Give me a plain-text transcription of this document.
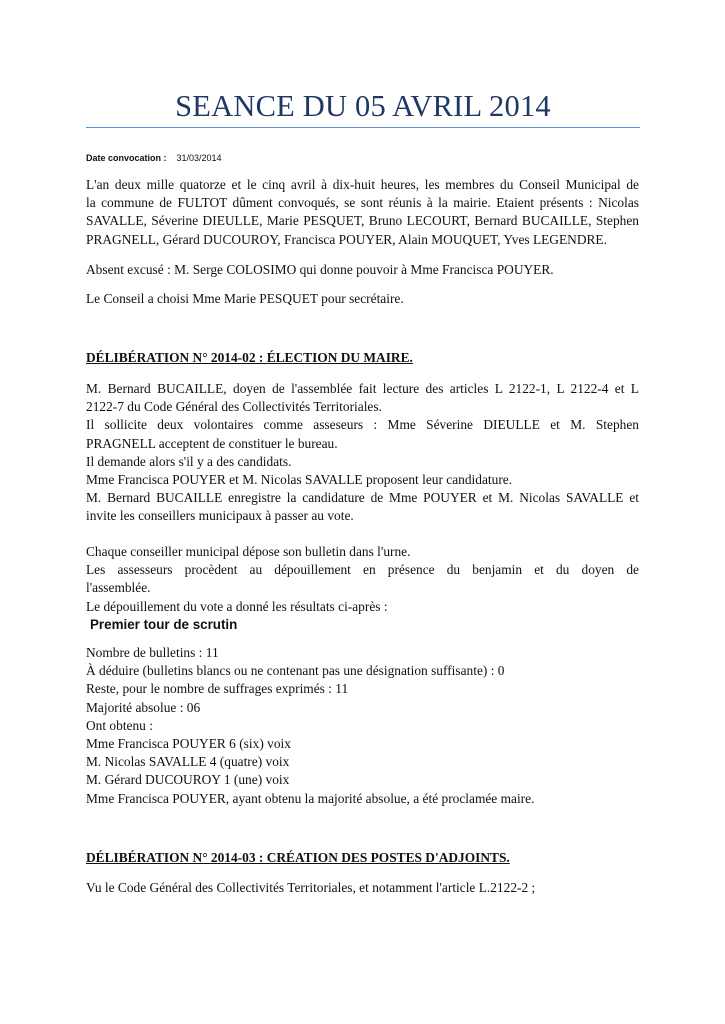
SEANCE DU 05 AVRIL 2014
Date convocation : 31/03/2014
L'an deux mille quatorze et le cinq avril à dix-huit heures, les membres du Conseil Municipal de
la commune de FULTOT dûment convoqués, se sont réunis à la mairie. Etaient présents : Nicolas
SAVALLE, Séverine DIEULLE, Marie PESQUET, Bruno LECOURT, Bernard BUCAILLE, Stephen
PRAGNELL, Gérard DUCOUROY, Francisca POUYER, Alain MOUQUET, Yves LEGENDRE.
Absent excusé : M. Serge COLOSIMO qui donne pouvoir à Mme Francisca POUYER.
Le Conseil a choisi Mme Marie PESQUET pour secrétaire.
DÉLIBÉRATION N° 2014-02 : ÉLECTION DU MAIRE.
M. Bernard BUCAILLE, doyen de l'assemblée fait lecture des articles L 2122-1, L 2122-4 et L
2122-7 du Code Général des Collectivités Territoriales.
Il sollicite deux volontaires comme asseseurs : Mme Séverine DIEULLE et M. Stephen
PRAGNELL acceptent de constituer le bureau.
Il demande alors s'il y a des candidats.
Mme Francisca POUYER et M. Nicolas SAVALLE proposent leur candidature.
M. Bernard BUCAILLE enregistre la candidature de Mme POUYER et M. Nicolas SAVALLE et
invite les conseillers municipaux à passer au vote.
Chaque conseiller municipal dépose son bulletin dans l'urne.
Les assesseurs procèdent au dépouillement en présence du benjamin et du doyen de
l'assemblée.
Le dépouillement du vote a donné les résultats ci-après :
Premier tour de scrutin
Nombre de bulletins : 11
À déduire (bulletins blancs ou ne contenant pas une désignation suffisante) : 0
Reste, pour le nombre de suffrages exprimés : 11
Majorité absolue : 06
Ont obtenu :
Mme Francisca POUYER 6 (six) voix
M. Nicolas SAVALLE 4 (quatre) voix
M. Gérard DUCOUROY 1 (une) voix
Mme Francisca POUYER, ayant obtenu la majorité absolue, a été proclamée maire.
DÉLIBÉRATION N° 2014-03 : CRÉATION DES POSTES D'ADJOINTS.
Vu le Code Général des Collectivités Territoriales, et notamment l'article L.2122-2 ;
